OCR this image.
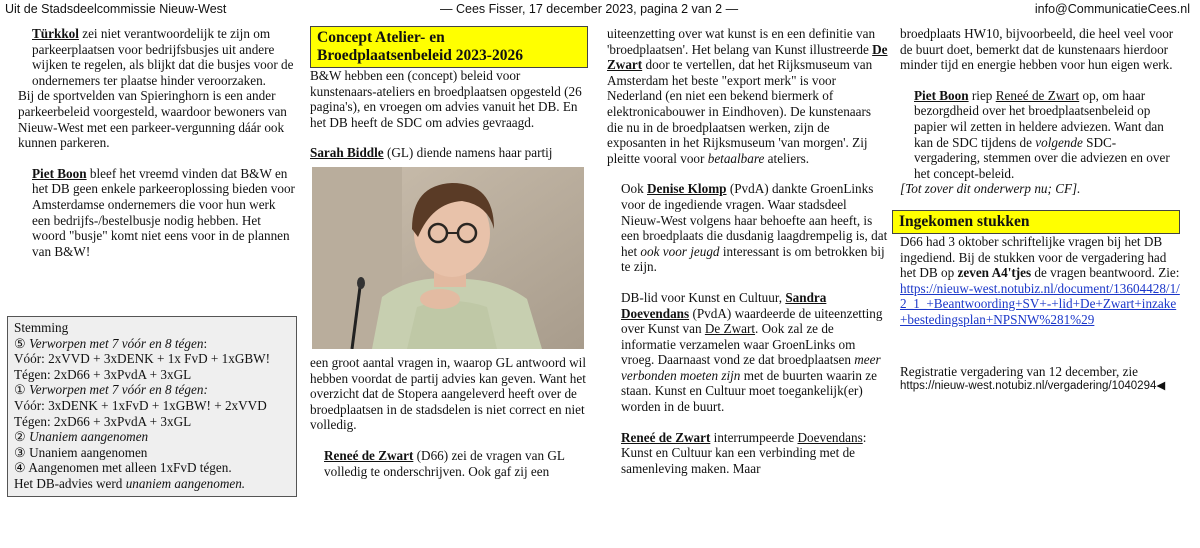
Uit de Stadsdeelcommissie Nieuw-West	— Cees Fisser, 17 december 2023, pagina 2 van 2 —	info@CommunicatieCees.nl

Türkkol zei niet verantwoordelijk te zijn om parkeerplaatsen voor bedrijfsbusjes uit andere wijken te regelen, als blijkt dat die busjes voor de ondernemers ter plaatse hinder veroorzaken.

Bij de sportvelden van Spieringhorn is een ander parkeerbeleid voorgesteld, waardoor bewoners van Nieuw-West met een parkeer-vergunning dáár ook kunnen parkeren.

Piet Boon bleef het vreemd vinden dat B&W en het DB geen enkele parkeeroplossing bieden voor Amsterdamse ondernemers die voor hun werk een bedrijfs-/bestelbusje nodig hebben. Het woord "busje" komt niet eens voor in de plannen van B&W!

Stemming
⑤ Verworpen met 7 vóór en 8 tégen:
Vóór: 2xVVD + 3xDENK + 1x FvD + 1xGBW!
Tégen: 2xD66 + 3xPvdA + 3xGL
① Verworpen met 7 vóór en 8 tégen:
Vóór: 3xDENK + 1xFvD + 1xGBW! + 2xVVD
Tégen: 2xD66 + 3xPvdA + 3xGL
② Unaniem aangenomen
③ Unaniem aangenomen
④ Aangenomen met alleen 1xFvD tégen.
Het DB-advies werd unaniem aangenomen.
Concept Atelier- en
Broedplaatsenbeleid 2023-2026

B&W hebben een (concept) beleid voor kunstenaars-ateliers en broedplaatsen opgesteld (26 pagina's), en vroegen om advies vanuit het DB. En het DB heeft de SDC om advies gevraagd.

Sarah Biddle (GL) diende namens haar partij

een groot aantal vragen in, waarop GL antwoord wil hebben voordat de partij advies kan geven. Want het overzicht dat de Stopera aangeleverd heeft over de broedplaatsen in de stadsdelen is niet correct en niet volledig.

Reneé de Zwart (D66) zei de vragen van GL volledig te onderschrijven. Ook gaf zij een

uiteenzetting over wat kunst is en een definitie van 'broedplaatsen'. Het belang van Kunst illustreerde De Zwart door te vertellen, dat het Rijksmuseum van Amsterdam het beste "export merk" is voor Nederland (en niet een bekend biermerk of elektronicabouwer in Eindhoven). De kunstenaars die nu in de broedplaatsen werken, zijn de exposanten in het Rijksmuseum 'van morgen'. Zij pleitte vooral voor betaalbare ateliers.

Ook Denise Klomp (PvdA) dankte GroenLinks voor de ingediende vragen. Waar stadsdeel Nieuw-West volgens haar behoefte aan heeft, is een broedplaats die dusdanig laagdrempelig is, dat het ook voor jeugd interessant is om betrokken bij te zijn.

DB-lid voor Kunst en Cultuur, Sandra Doevendans (PvdA) waardeerde de uiteenzetting over Kunst van De Zwart. Ook zal ze de informatie verzamelen waar GroenLinks om vroeg. Daarnaast vond ze dat broedplaatsen meer verbonden moeten zijn met de buurten waarin ze staan. Kunst en Cultuur moet toegankelijk(er) worden in de buurt.

Reneé de Zwart interrumpeerde Doevendans: Kunst en Cultuur kan een verbinding met de samenleving maken. Maar

broedplaats HW10, bijvoorbeeld, die heel veel voor de buurt doet, bemerkt dat de kunstenaars hierdoor minder tijd en energie hebben voor hun eigen werk.

Piet Boon riep Reneé de Zwart op, om haar bezorgdheid over het broedplaatsenbeleid op papier wil zetten in heldere adviezen. Want dan kan de SDC tijdens de volgende SDC-vergadering, stemmen over die adviezen en over het concept-beleid.

[Tot zover dit onderwerp nu; CF].

Ingekomen stukken

D66 had 3 oktober schriftelijke vragen bij het DB ingediend. Bij de stukken voor de vergadering had het DB op zeven A4'tjes de vragen beantwoord. Zie:

https://nieuw-west.notubiz.nl/document/13604428/1/2_1_+Beantwoording+SV+-+lid+De+Zwart+inzake+bestedingsplan+NPSNW%281%29

Registratie vergadering van 12 december, zie

https://nieuw-west.notubiz.nl/vergadering/1040294◀
